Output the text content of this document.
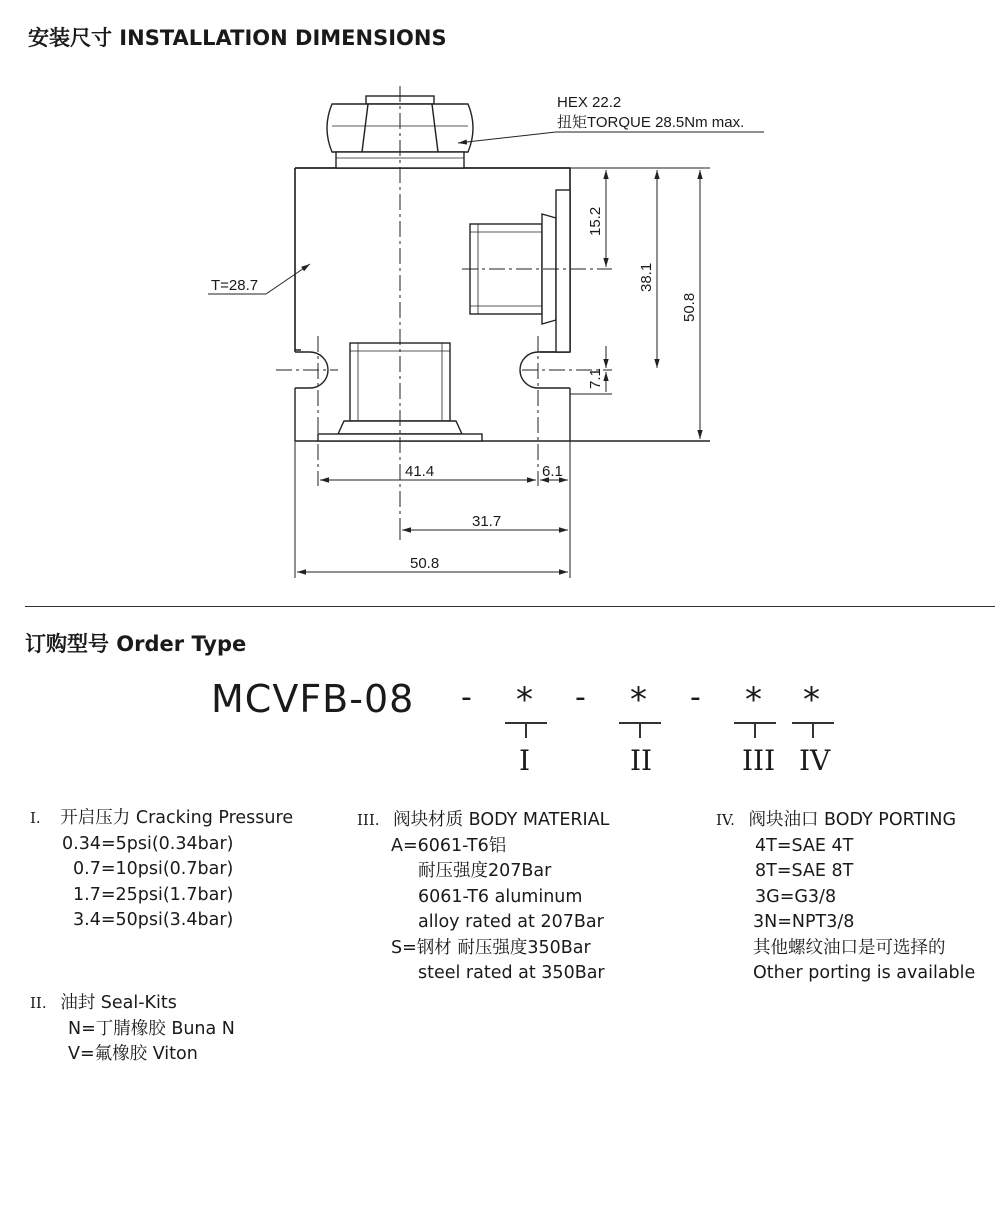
安装尺寸 INSTALLATION DIMENSIONS
HEX 22.2
扭矩TORQUE 28.5Nm max.
T=28.7
15.2
38.1
50.8
7.1
41.4	6.1
31.7
50.8
订购型号 Order Type
MCVFB-08 - * - * - * *
I	II	III IV
I. 开启压力 Cracking Pressure
0.34=5psi(0.34bar)
0.7=10psi(0.7bar)
1.7=25psi(1.7bar)
3.4=50psi(3.4bar)
II. 油封 Seal-Kits
N=丁腈橡胶 Buna N
V=氟橡胶 Viton
III. 阀块材质 BODY MATERIAL
A=6061-T6铝
耐压强度207Bar
6061-T6 aluminum
alloy rated at 207Bar
S=钢材 耐压强度350Bar
steel rated at 350Bar
IV. 阀块油口 BODY PORTING
4T=SAE 4T
8T=SAE 8T
3G=G3/8
3N=NPT3/8
其他螺纹油口是可选择的
Other porting is available
